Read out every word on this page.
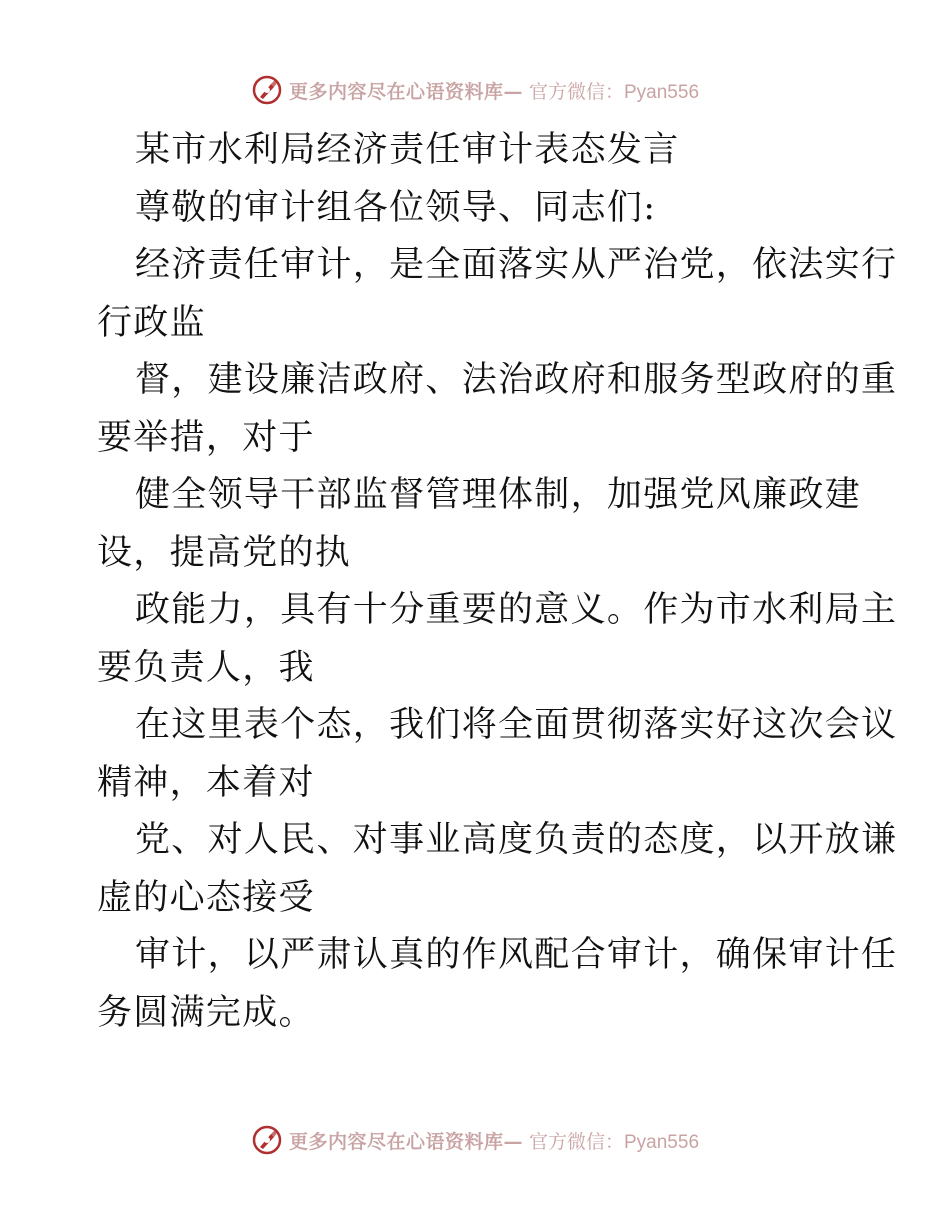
更多内容尽在心语资料库— 官方微信：Pyan556
某市水利局经济责任审计表态发言
尊敬的审计组各位领导、同志们:
经济责任审计，是全面落实从严治党，依法实行
行政监
督，建设廉洁政府、法治政府和服务型政府的重
要举措，对于
健全领导干部监督管理体制，加强党风廉政建
设，提高党的执
政能力，具有十分重要的意义。作为市水利局主
要负责人，我
在这里表个态，我们将全面贯彻落实好这次会议
精神，本着对
党、对人民、对事业高度负责的态度，以开放谦
虚的心态接受
审计，以严肃认真的作风配合审计，确保审计任
务圆满完成。
更多内容尽在心语资料库— 官方微信：Pyan556
